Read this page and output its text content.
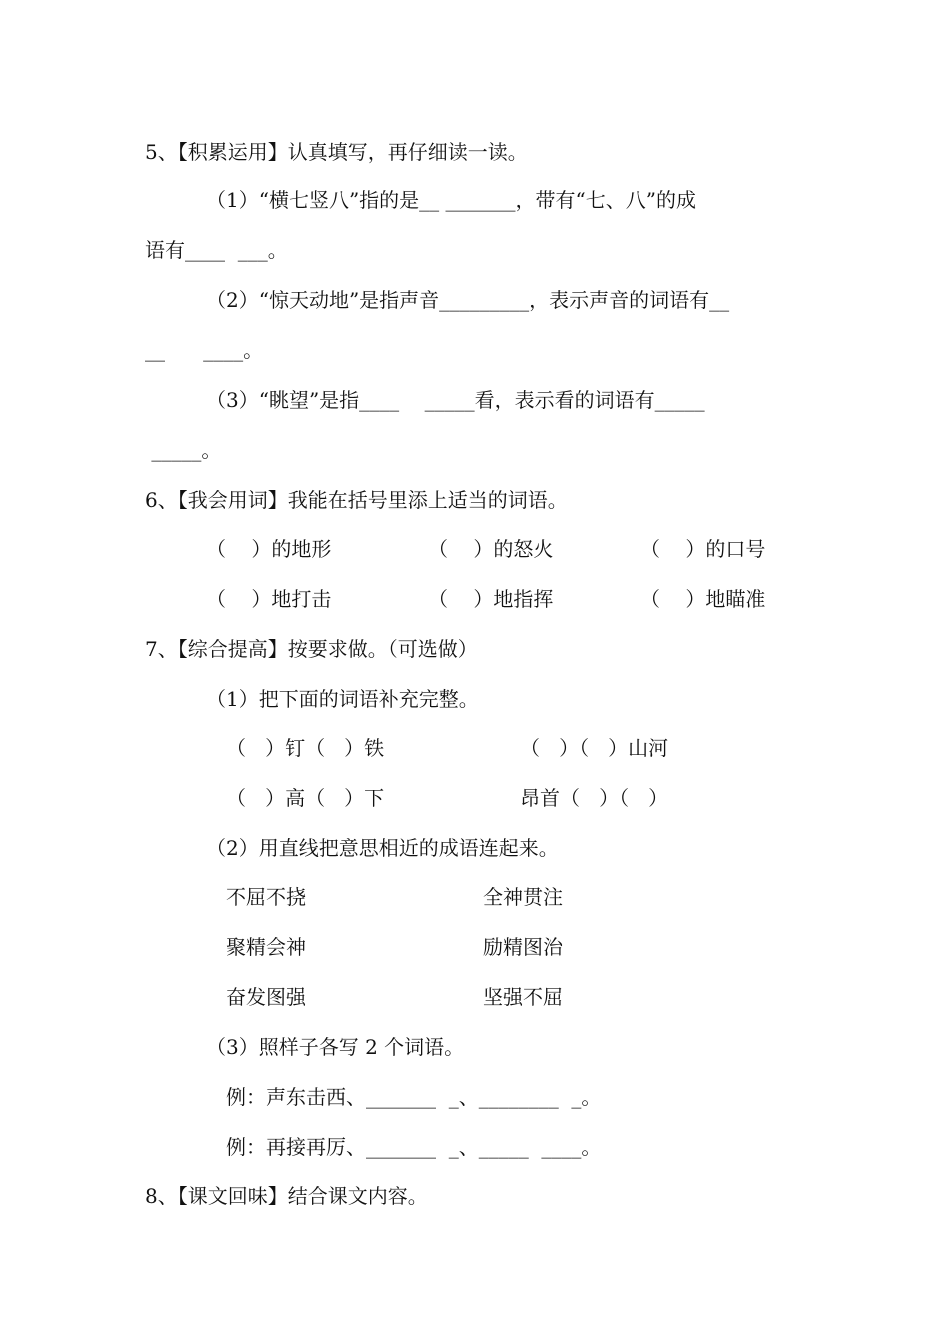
5、【积累运用】认真填写，再仔细读一读。
（1）“横七竖八”指的是__ _______，带有“七、八”的成
语有____  ___。
（2）“惊天动地”是指声音_________，表示声音的词语有__
__      ____。
（3）“眺望”是指____    _____看，表示看的词语有_____
_____。
6、【我会用词】我能在括号里添上适当的词语。
（    ）的地形	（    ）的怒火	（    ）的口号
（    ）地打击	（    ）地指挥	（    ）地瞄准
7、【综合提高】按要求做。（可选做）
（1）把下面的词语补充完整。
（   ）钉（   ）铁	（   ）（   ）山河
（   ）高（   ）下	昂首（   ）（   ）
（2）用直线把意思相近的成语连起来。
不屈不挠	全神贯注
聚精会神	励精图治
奋发图强	坚强不屈
（3）照样子各写 2 个词语。
例：声东击西、_______  _、________  _。
例：再接再厉、_______  _、_____  ____。
8、【课文回味】结合课文内容。
